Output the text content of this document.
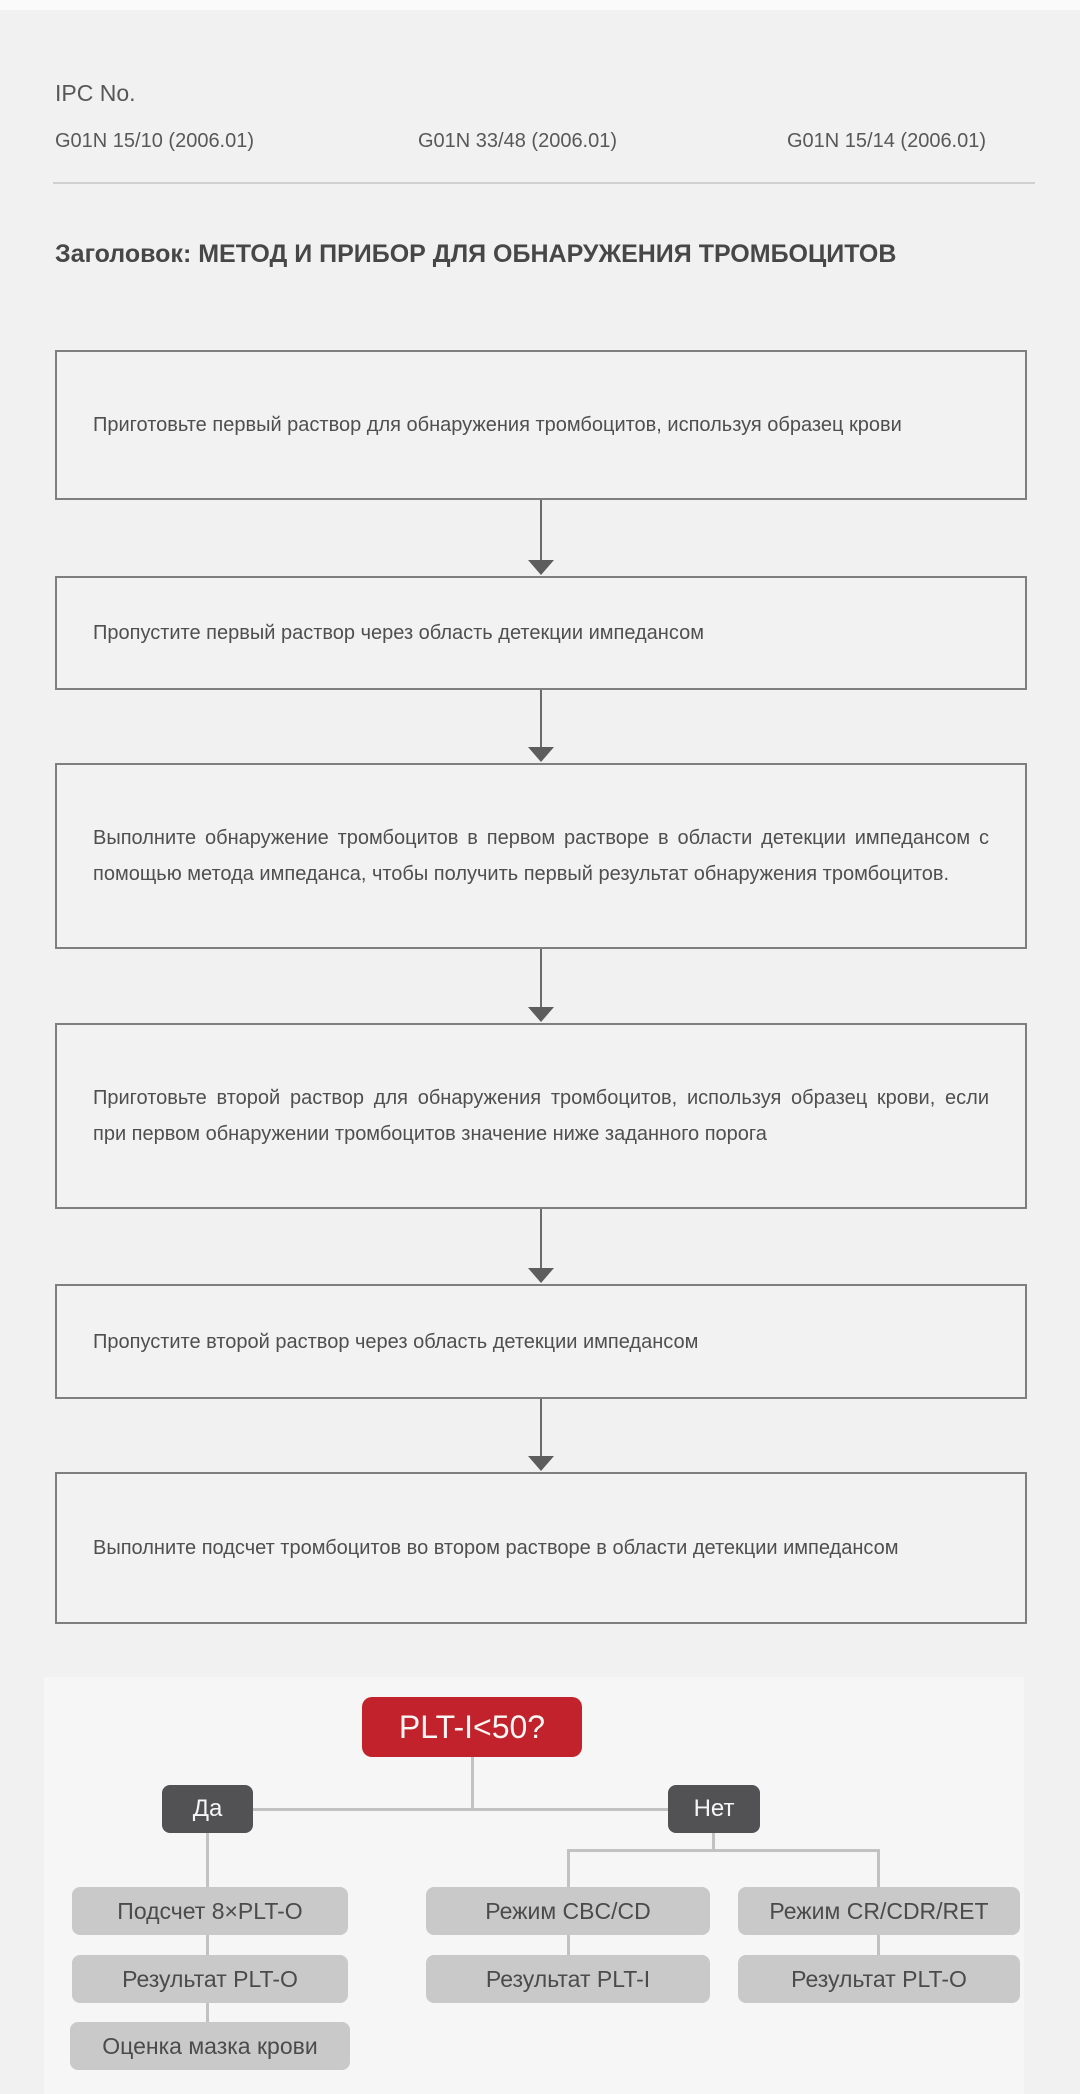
IPC No.
G01N 15/10 (2006.01)	G01N 33/48 (2006.01)	G01N 15/14 (2006.01)
Заголовок: МЕТОД И ПРИБОР ДЛЯ ОБНАРУЖЕНИЯ ТРОМБОЦИТОВ

Приготовьте первый раствор для обнаружения тромбоцитов, используя образец крови

Пропустите первый раствор через область детекции импедансом

Выполните обнаружение тромбоцитов в первом растворе в области детекции импедансом с помощью метода импеданса, чтобы получить первый результат обнаружения тромбоцитов.

Приготовьте второй раствор для обнаружения тромбоцитов, используя образец крови, если при первом обнаружении тромбоцитов значение ниже заданного порога

Пропустите второй раствор через область детекции импедансом

Выполните подсчет тромбоцитов во втором растворе в области детекции импедансом

PLT-I<50?
Да	Нет
Подсчет 8×PLT-O
Результат PLT-O
Оценка мазка крови
Режим CBC/CD
Результат PLT-I
Режим CR/CDR/RET
Результат PLT-O
